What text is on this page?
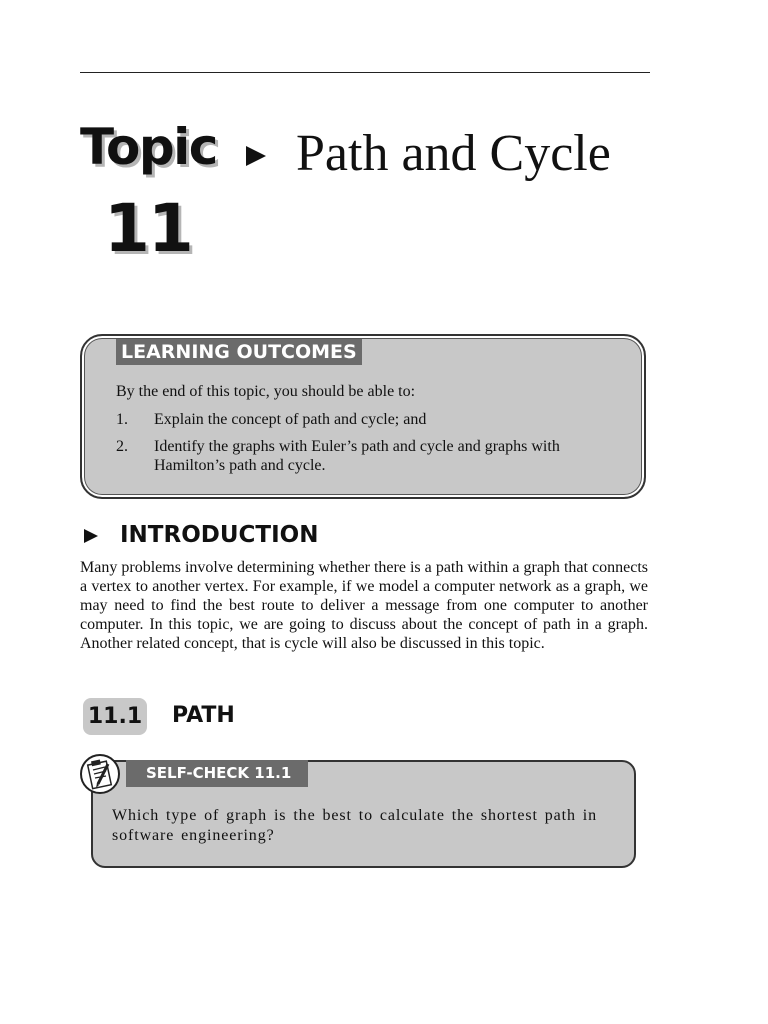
Topic
11
Path and Cycle
LEARNING OUTCOMES
By the end of this topic, you should be able to:
1. Explain the concept of path and cycle; and
2. Identify the graphs with Euler’s path and cycle and graphs with Hamilton’s path and cycle.
INTRODUCTION

Many problems involve determining whether there is a path within a graph that connects a vertex to another vertex. For example, if we model a computer network as a graph, we may need to find the best route to deliver a message from one computer to another computer. In this topic, we are going to discuss about the concept of path in a graph. Another related concept, that is cycle will also be discussed in this topic.

11.1 PATH
SELF-CHECK 11.1

Which type of graph is the best to calculate the shortest path in software engineering?
